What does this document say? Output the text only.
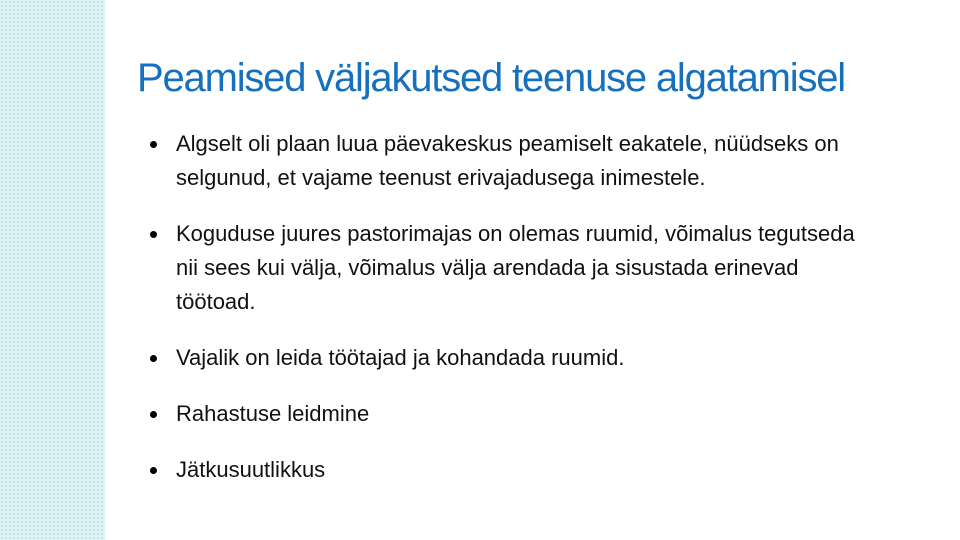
Peamised väljakutsed teenuse algatamisel
Algselt oli plaan luua päevakeskus peamiselt eakatele, nüüdseks on selgunud, et vajame teenust erivajadusega inimestele.
Koguduse juures pastorimajas on olemas ruumid, võimalus tegutseda nii sees kui välja, võimalus välja arendada ja sisustada erinevad töötoad.
Vajalik on leida töötajad ja kohandada ruumid.
Rahastuse leidmine
Jätkusuutlikkus
